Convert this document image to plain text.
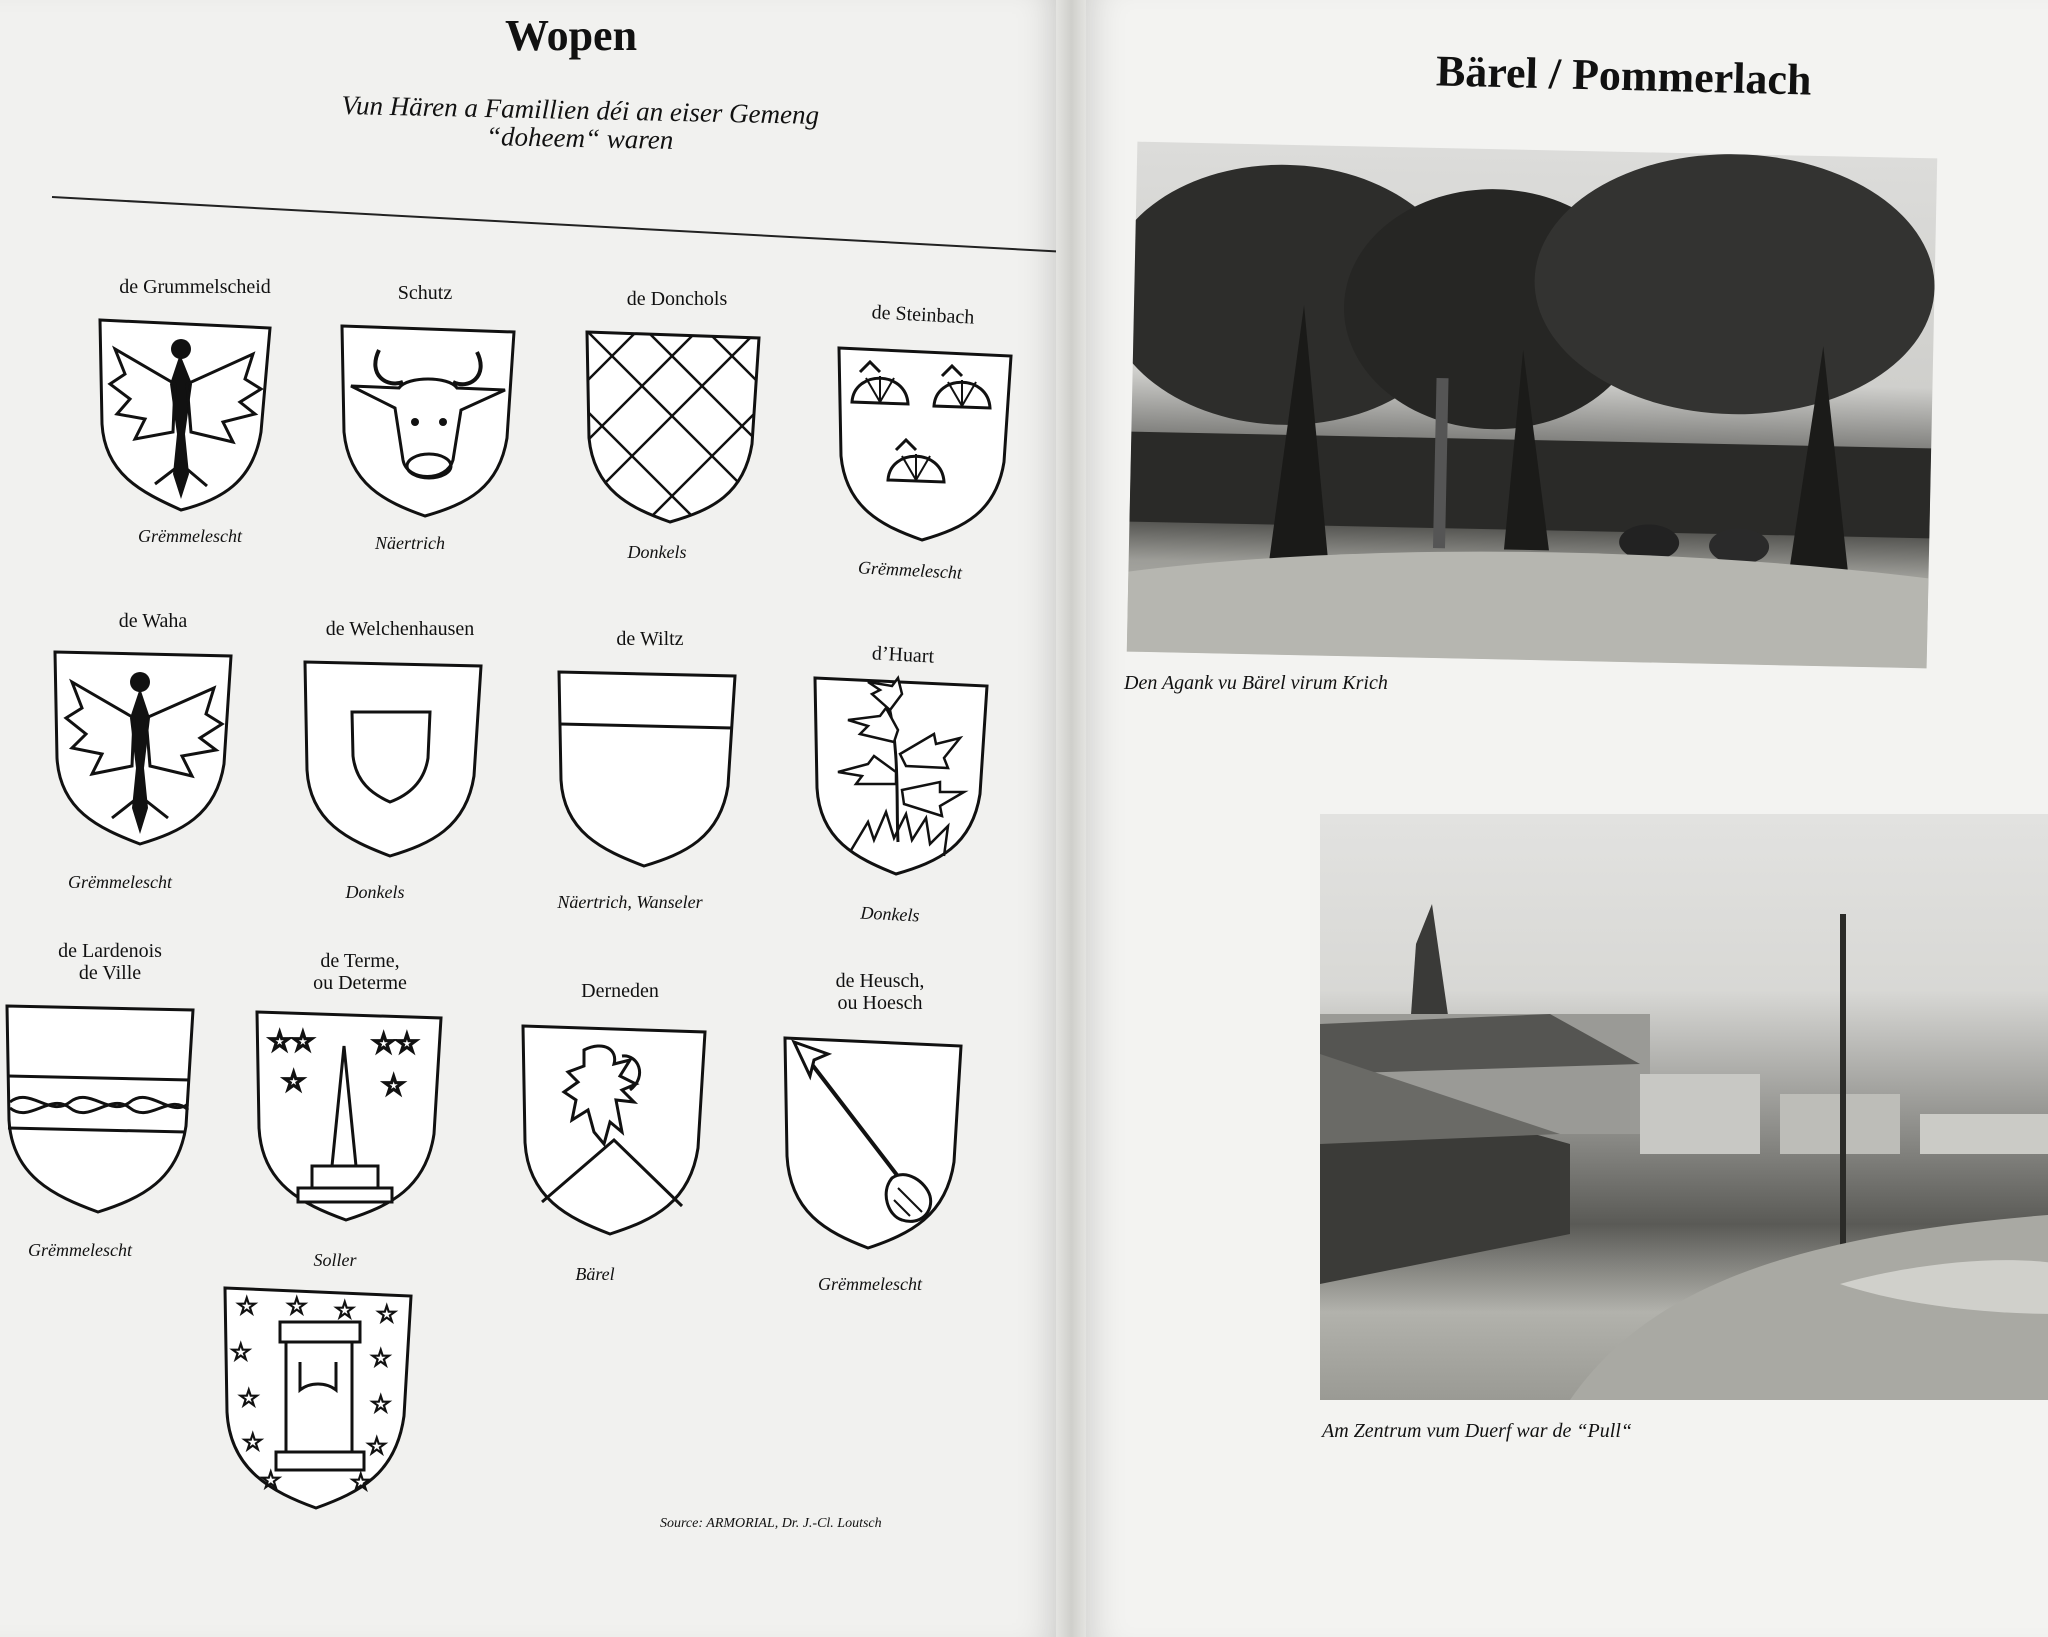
Wopen
Vun Hären a Famillien déi an eiser Gemeng
“doheem“ waren
de Grummelscheid
Grëmmelescht
Schutz
Näertrich
de Donchols
Donkels
de Steinbach
Grëmmelescht
de Waha
Grëmmelescht
de Welchenhausen
Donkels
de Wiltz
Näertrich, Wanseler
d’Huart
Donkels
de Lardenois
de Ville
Grëmmelescht
de Terme,
ou Determe
☆☆ ☆☆
☆	☆
Soller
Derneden
Bärel
de Heusch,
ou Hoesch
Grëmmelescht
☆ ☆ ☆ ☆
☆	☆
☆	☆
☆	☆
☆	☆
Source: ARMORIAL, Dr. J.-Cl. Loutsch
Bärel / Pommerlach
Den Agank vu Bärel virum Krich
Am Zentrum vum Duerf war de “Pull“
